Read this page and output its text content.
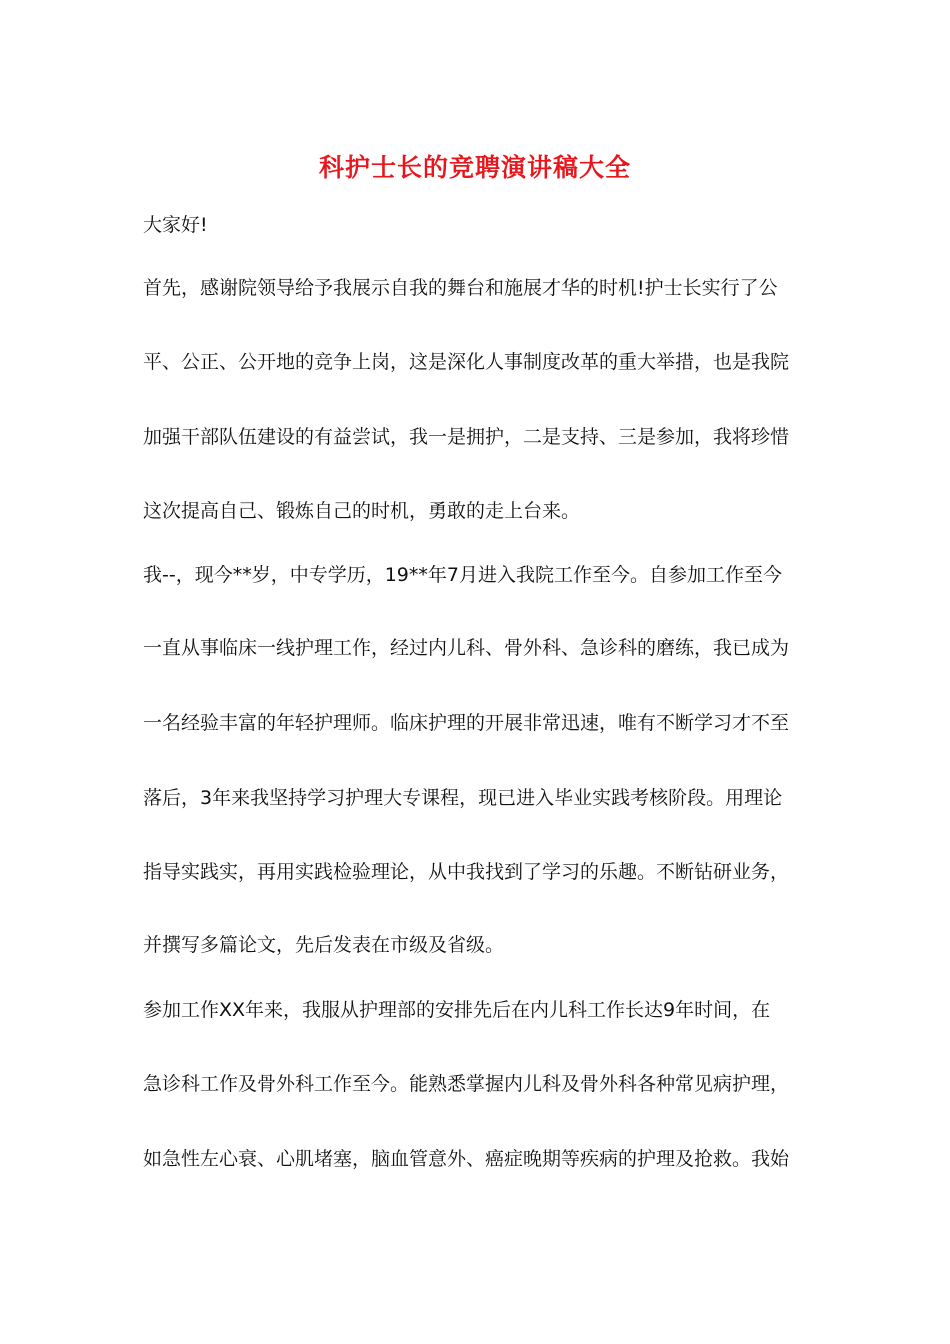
科护士长的竞聘演讲稿大全
大家好!
首先，感谢院领导给予我展示自我的舞台和施展才华的时机!护士长实行了公
平、公正、公开地的竞争上岗，这是深化人事制度改革的重大举措，也是我院
加强干部队伍建设的有益尝试，我一是拥护，二是支持、三是参加，我将珍惜
这次提高自己、锻炼自己的时机，勇敢的走上台来。
我--，现今**岁，中专学历，19**年7月进入我院工作至今。自参加工作至今
一直从事临床一线护理工作，经过内儿科、骨外科、急诊科的磨练，我已成为
一名经验丰富的年轻护理师。临床护理的开展非常迅速，唯有不断学习才不至
落后，3年来我坚持学习护理大专课程，现已进入毕业实践考核阶段。用理论
指导实践实，再用实践检验理论，从中我找到了学习的乐趣。不断钻研业务，
并撰写多篇论文，先后发表在市级及省级。
参加工作XX年来，我服从护理部的安排先后在内儿科工作长达9年时间，在
急诊科工作及骨外科工作至今。能熟悉掌握内儿科及骨外科各种常见病护理，
如急性左心衰、心肌堵塞，脑血管意外、癌症晚期等疾病的护理及抢救。我始
